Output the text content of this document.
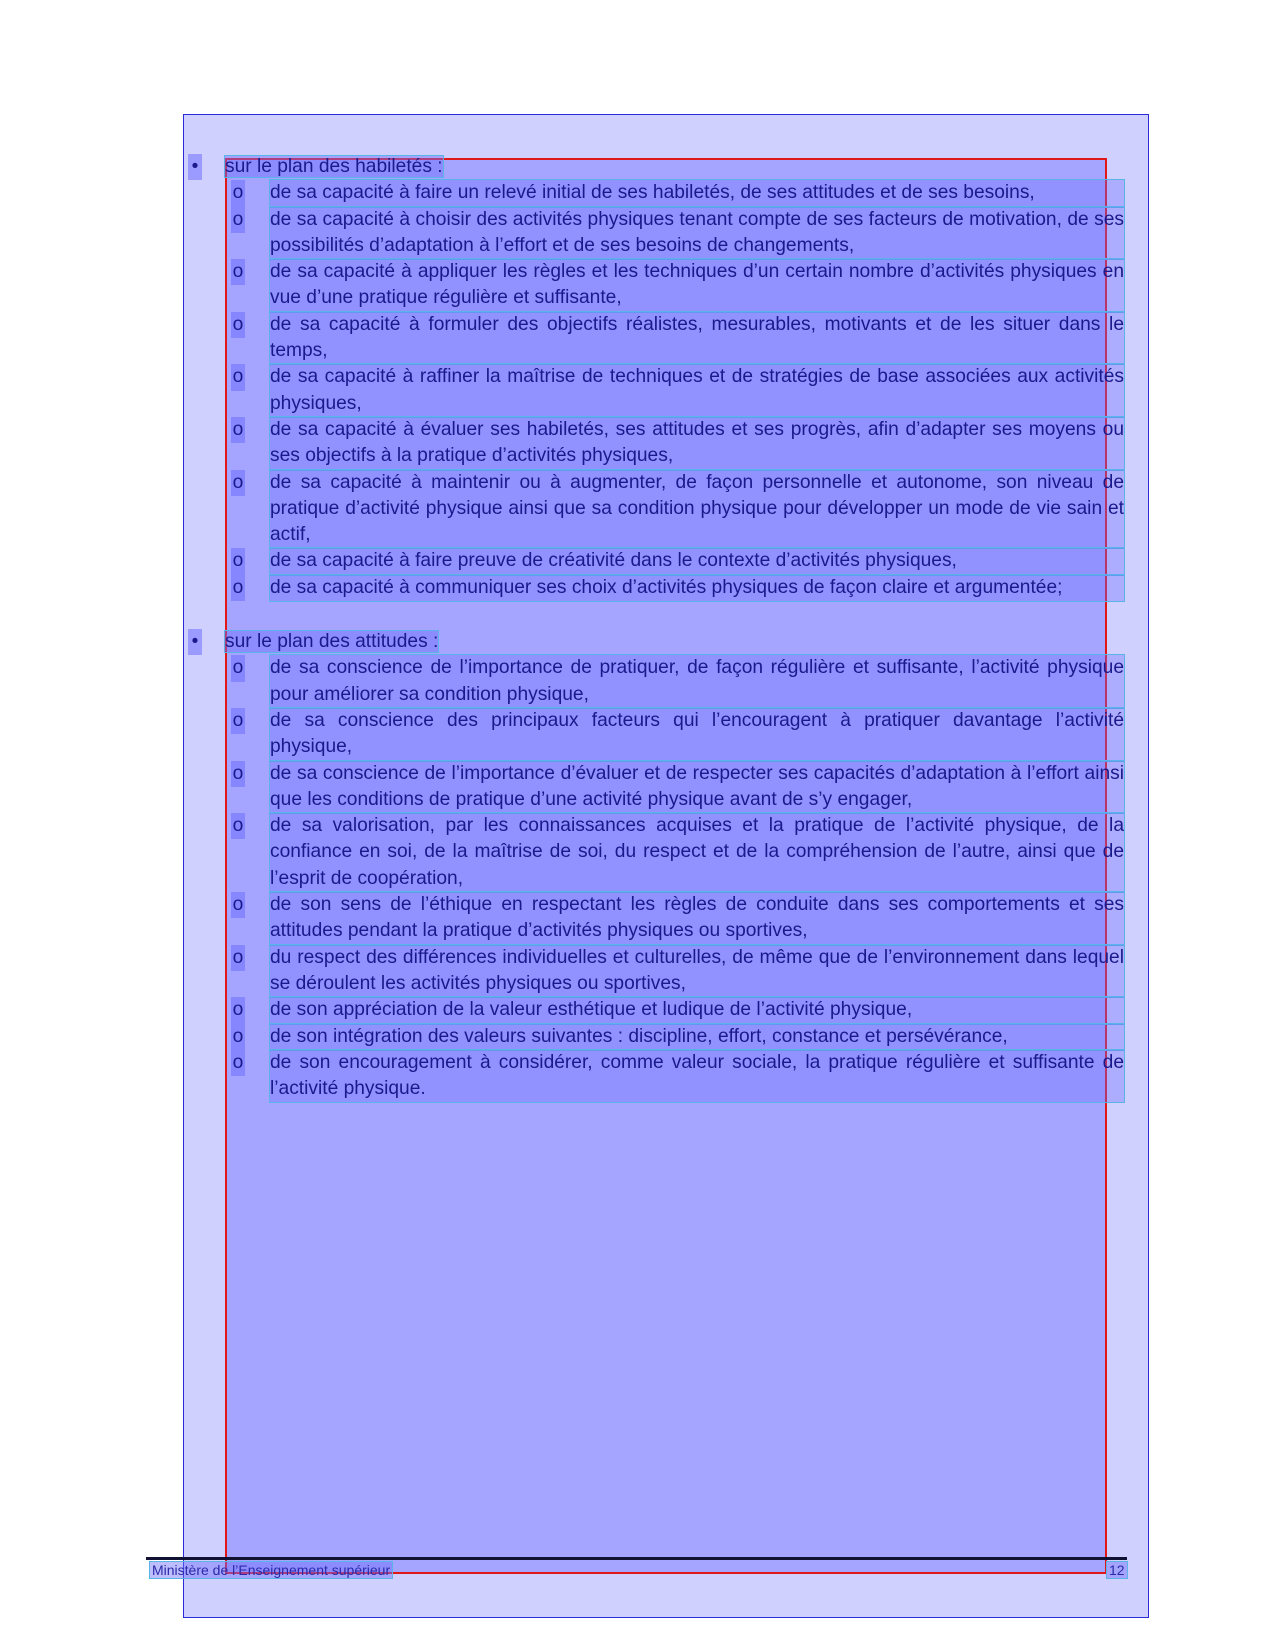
• sur le plan des habiletés :
o de sa capacité à faire un relevé initial de ses habiletés, de ses attitudes et de ses besoins,
o de sa capacité à choisir des activités physiques tenant compte de ses facteurs de motivation, de ses possibilités d’adaptation à l’effort et de ses besoins de changements,
o de sa capacité à appliquer les règles et les techniques d’un certain nombre d’activités physiques en vue d’une pratique régulière et suffisante,
o de sa capacité à formuler des objectifs réalistes, mesurables, motivants et de les situer dans le temps,
o de sa capacité à raffiner la maîtrise de techniques et de stratégies de base associées aux activités physiques,
o de sa capacité à évaluer ses habiletés, ses attitudes et ses progrès, afin d’adapter ses moyens ou ses objectifs à la pratique d’activités physiques,
o de sa capacité à maintenir ou à augmenter, de façon personnelle et autonome, son niveau de pratique d’activité physique ainsi que sa condition physique pour développer un mode de vie sain et actif,
o de sa capacité à faire preuve de créativité dans le contexte d’activités physiques,
o de sa capacité à communiquer ses choix d’activités physiques de façon claire et argumentée;
• sur le plan des attitudes :
o de sa conscience de l’importance de pratiquer, de façon régulière et suffisante, l’activité physique pour améliorer sa condition physique,
o de sa conscience des principaux facteurs qui l’encouragent à pratiquer davantage l’activité physique,
o de sa conscience de l’importance d’évaluer et de respecter ses capacités d’adaptation à l’effort ainsi que les conditions de pratique d’une activité physique avant de s’y engager,
o de sa valorisation, par les connaissances acquises et la pratique de l’activité physique, de la confiance en soi, de la maîtrise de soi, du respect et de la compréhension de l’autre, ainsi que de l’esprit de coopération,
o de son sens de l’éthique en respectant les règles de conduite dans ses comportements et ses attitudes pendant la pratique d’activités physiques ou sportives,
o du respect des différences individuelles et culturelles, de même que de l’environnement dans lequel se déroulent les activités physiques ou sportives,
o de son appréciation de la valeur esthétique et ludique de l’activité physique,
o de son intégration des valeurs suivantes : discipline, effort, constance et persévérance,
o de son encouragement à considérer, comme valeur sociale, la pratique régulière et suffisante de l’activité physique.
Ministère de l’Enseignement supérieur	12
